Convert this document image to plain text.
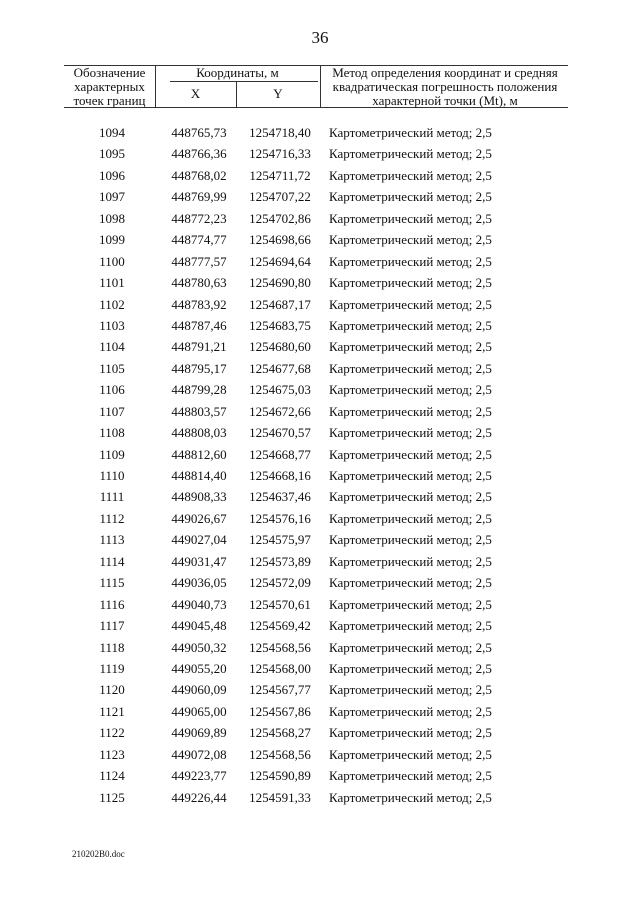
36
Обозначение характерных точек границ
Координаты, м
X	Y
Метод определения координат и средняя квадратическая погрешность положения характерной точки (Mt), м
1094	448765,73	1254718,40	Картометрический метод; 2,5
1095	448766,36	1254716,33	Картометрический метод; 2,5
1096	448768,02	1254711,72	Картометрический метод; 2,5
1097	448769,99	1254707,22	Картометрический метод; 2,5
1098	448772,23	1254702,86	Картометрический метод; 2,5
1099	448774,77	1254698,66	Картометрический метод; 2,5
1100	448777,57	1254694,64	Картометрический метод; 2,5
1101	448780,63	1254690,80	Картометрический метод; 2,5
1102	448783,92	1254687,17	Картометрический метод; 2,5
1103	448787,46	1254683,75	Картометрический метод; 2,5
1104	448791,21	1254680,60	Картометрический метод; 2,5
1105	448795,17	1254677,68	Картометрический метод; 2,5
1106	448799,28	1254675,03	Картометрический метод; 2,5
1107	448803,57	1254672,66	Картометрический метод; 2,5
1108	448808,03	1254670,57	Картометрический метод; 2,5
1109	448812,60	1254668,77	Картометрический метод; 2,5
1110	448814,40	1254668,16	Картометрический метод; 2,5
1111	448908,33	1254637,46	Картометрический метод; 2,5
1112	449026,67	1254576,16	Картометрический метод; 2,5
1113	449027,04	1254575,97	Картометрический метод; 2,5
1114	449031,47	1254573,89	Картометрический метод; 2,5
1115	449036,05	1254572,09	Картометрический метод; 2,5
1116	449040,73	1254570,61	Картометрический метод; 2,5
1117	449045,48	1254569,42	Картометрический метод; 2,5
1118	449050,32	1254568,56	Картометрический метод; 2,5
1119	449055,20	1254568,00	Картометрический метод; 2,5
1120	449060,09	1254567,77	Картометрический метод; 2,5
1121	449065,00	1254567,86	Картометрический метод; 2,5
1122	449069,89	1254568,27	Картометрический метод; 2,5
1123	449072,08	1254568,56	Картометрический метод; 2,5
1124	449223,77	1254590,89	Картометрический метод; 2,5
1125	449226,44	1254591,33	Картометрический метод; 2,5
210202B0.doc
